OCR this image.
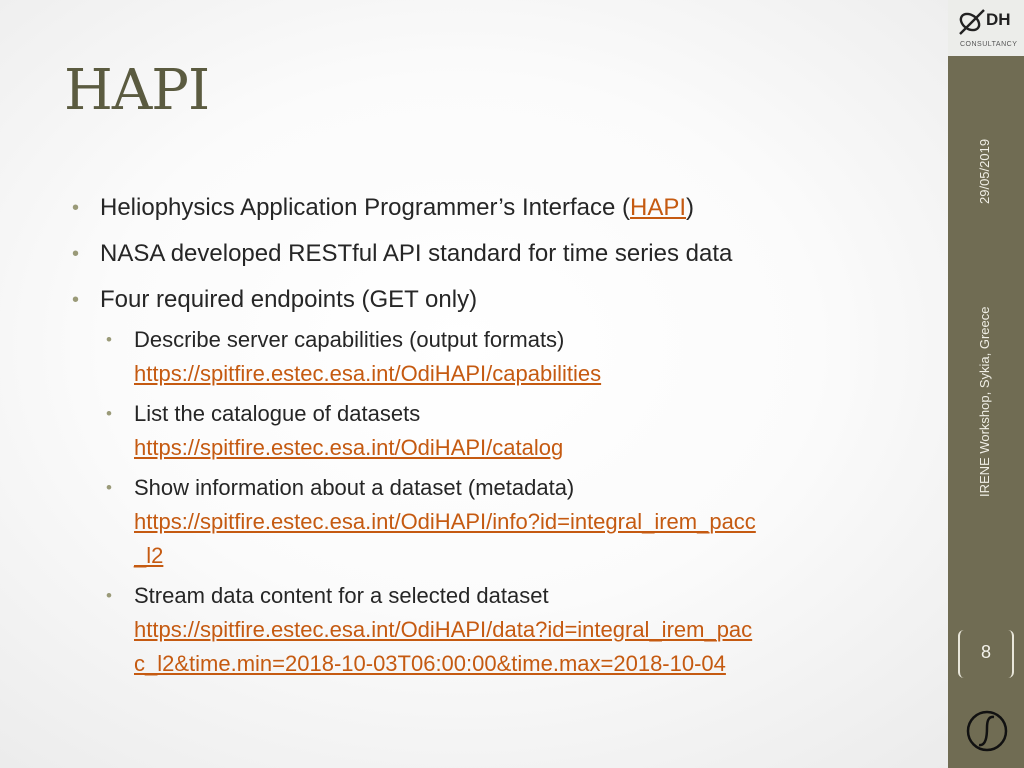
HAPI
• Heliophysics Application Programmer’s Interface (HAPI)
• NASA developed RESTful API standard for time series data
• Four required endpoints (GET only)
• Describe server capabilities (output formats)
https://spitfire.estec.esa.int/OdiHAPI/capabilities
• List the catalogue of datasets
https://spitfire.estec.esa.int/OdiHAPI/catalog
• Show information about a dataset (metadata)
https://spitfire.estec.esa.int/OdiHAPI/info?id=integral_irem_pacc
_l2
• Stream data content for a selected dataset
https://spitfire.estec.esa.int/OdiHAPI/data?id=integral_irem_pac
c_l2&time.min=2018-10-03T06:00:00&time.max=2018-10-04
DH
CONSULTANCY
29/05/2019
IRENE Workshop, Sykia, Greece
8
